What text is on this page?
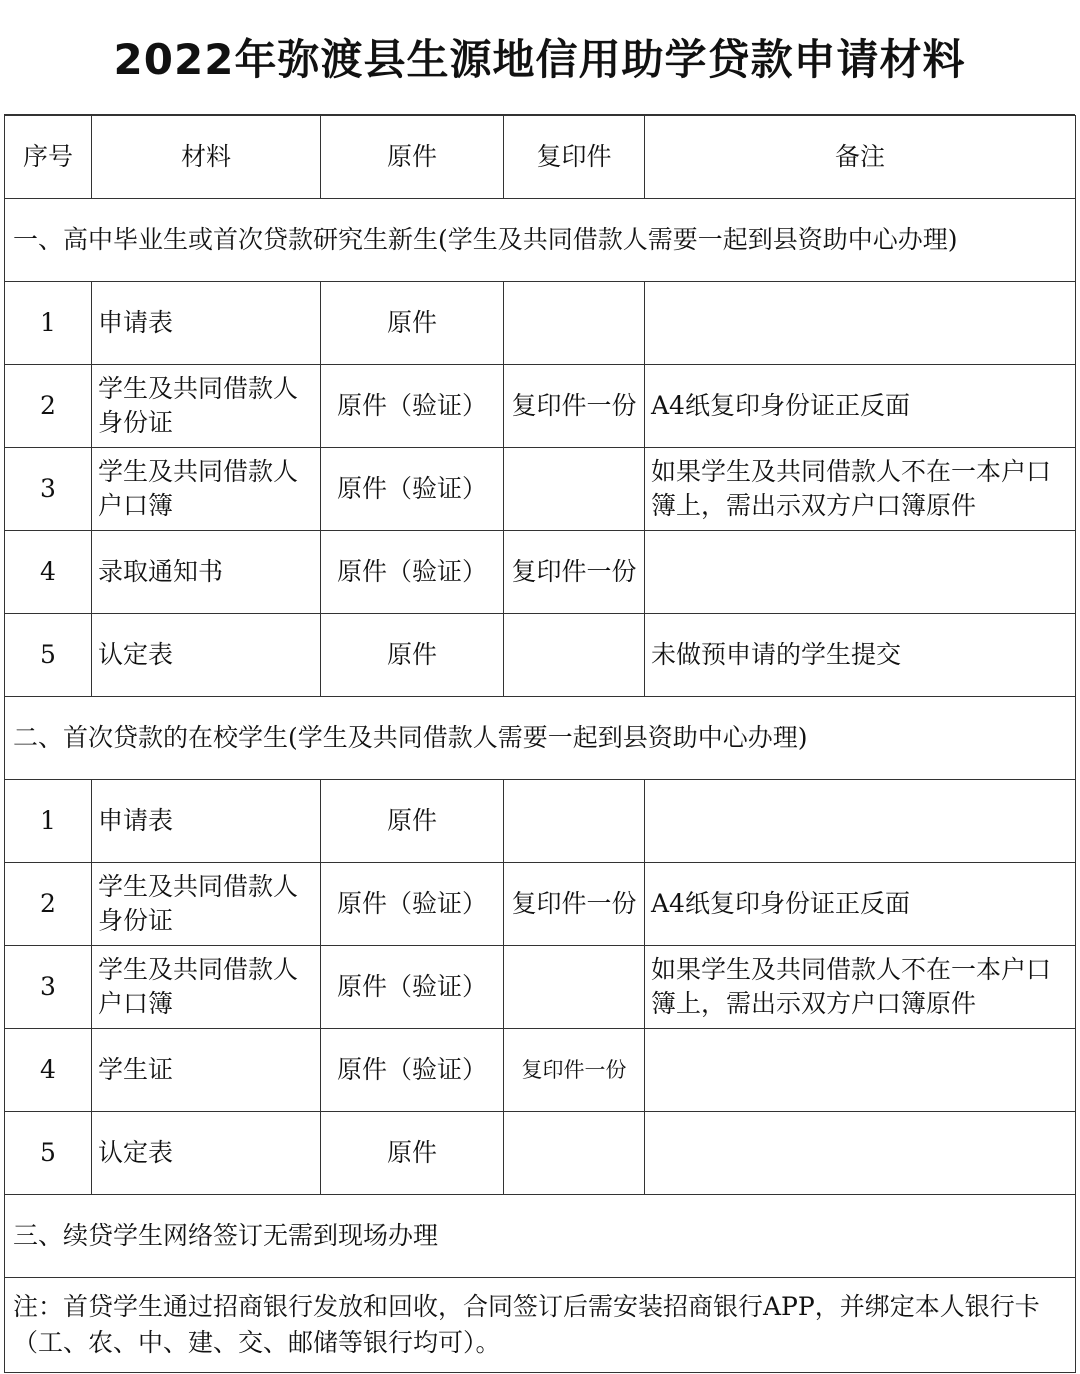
2022年弥渡县生源地信用助学贷款申请材料
序号	材料	原件	复印件	备注
一、高中毕业生或首次贷款研究生新生(学生及共同借款人需要一起到县资助中心办理)				
1	申请表	原件		
2	学生及共同借款人身份证	原件（验证）	复印件一份	A4纸复印身份证正反面
3	学生及共同借款人户口簿	原件（验证）		如果学生及共同借款人不在一本户口簿上，需出示双方户口簿原件
4	录取通知书	原件（验证）	复印件一份	
5	认定表	原件		未做预申请的学生提交
二、首次贷款的在校学生(学生及共同借款人需要一起到县资助中心办理)				
1	申请表	原件		
2	学生及共同借款人身份证	原件（验证）	复印件一份	A4纸复印身份证正反面
3	学生及共同借款人户口簿	原件（验证）		如果学生及共同借款人不在一本户口簿上，需出示双方户口簿原件
4	学生证	原件（验证）	复印件一份	
5	认定表	原件		
三、续贷学生网络签订无需到现场办理				
注：首贷学生通过招商银行发放和回收，合同签订后需安装招商银行APP，并绑定本人银行卡（工、农、中、建、交、邮储等银行均可）。				
